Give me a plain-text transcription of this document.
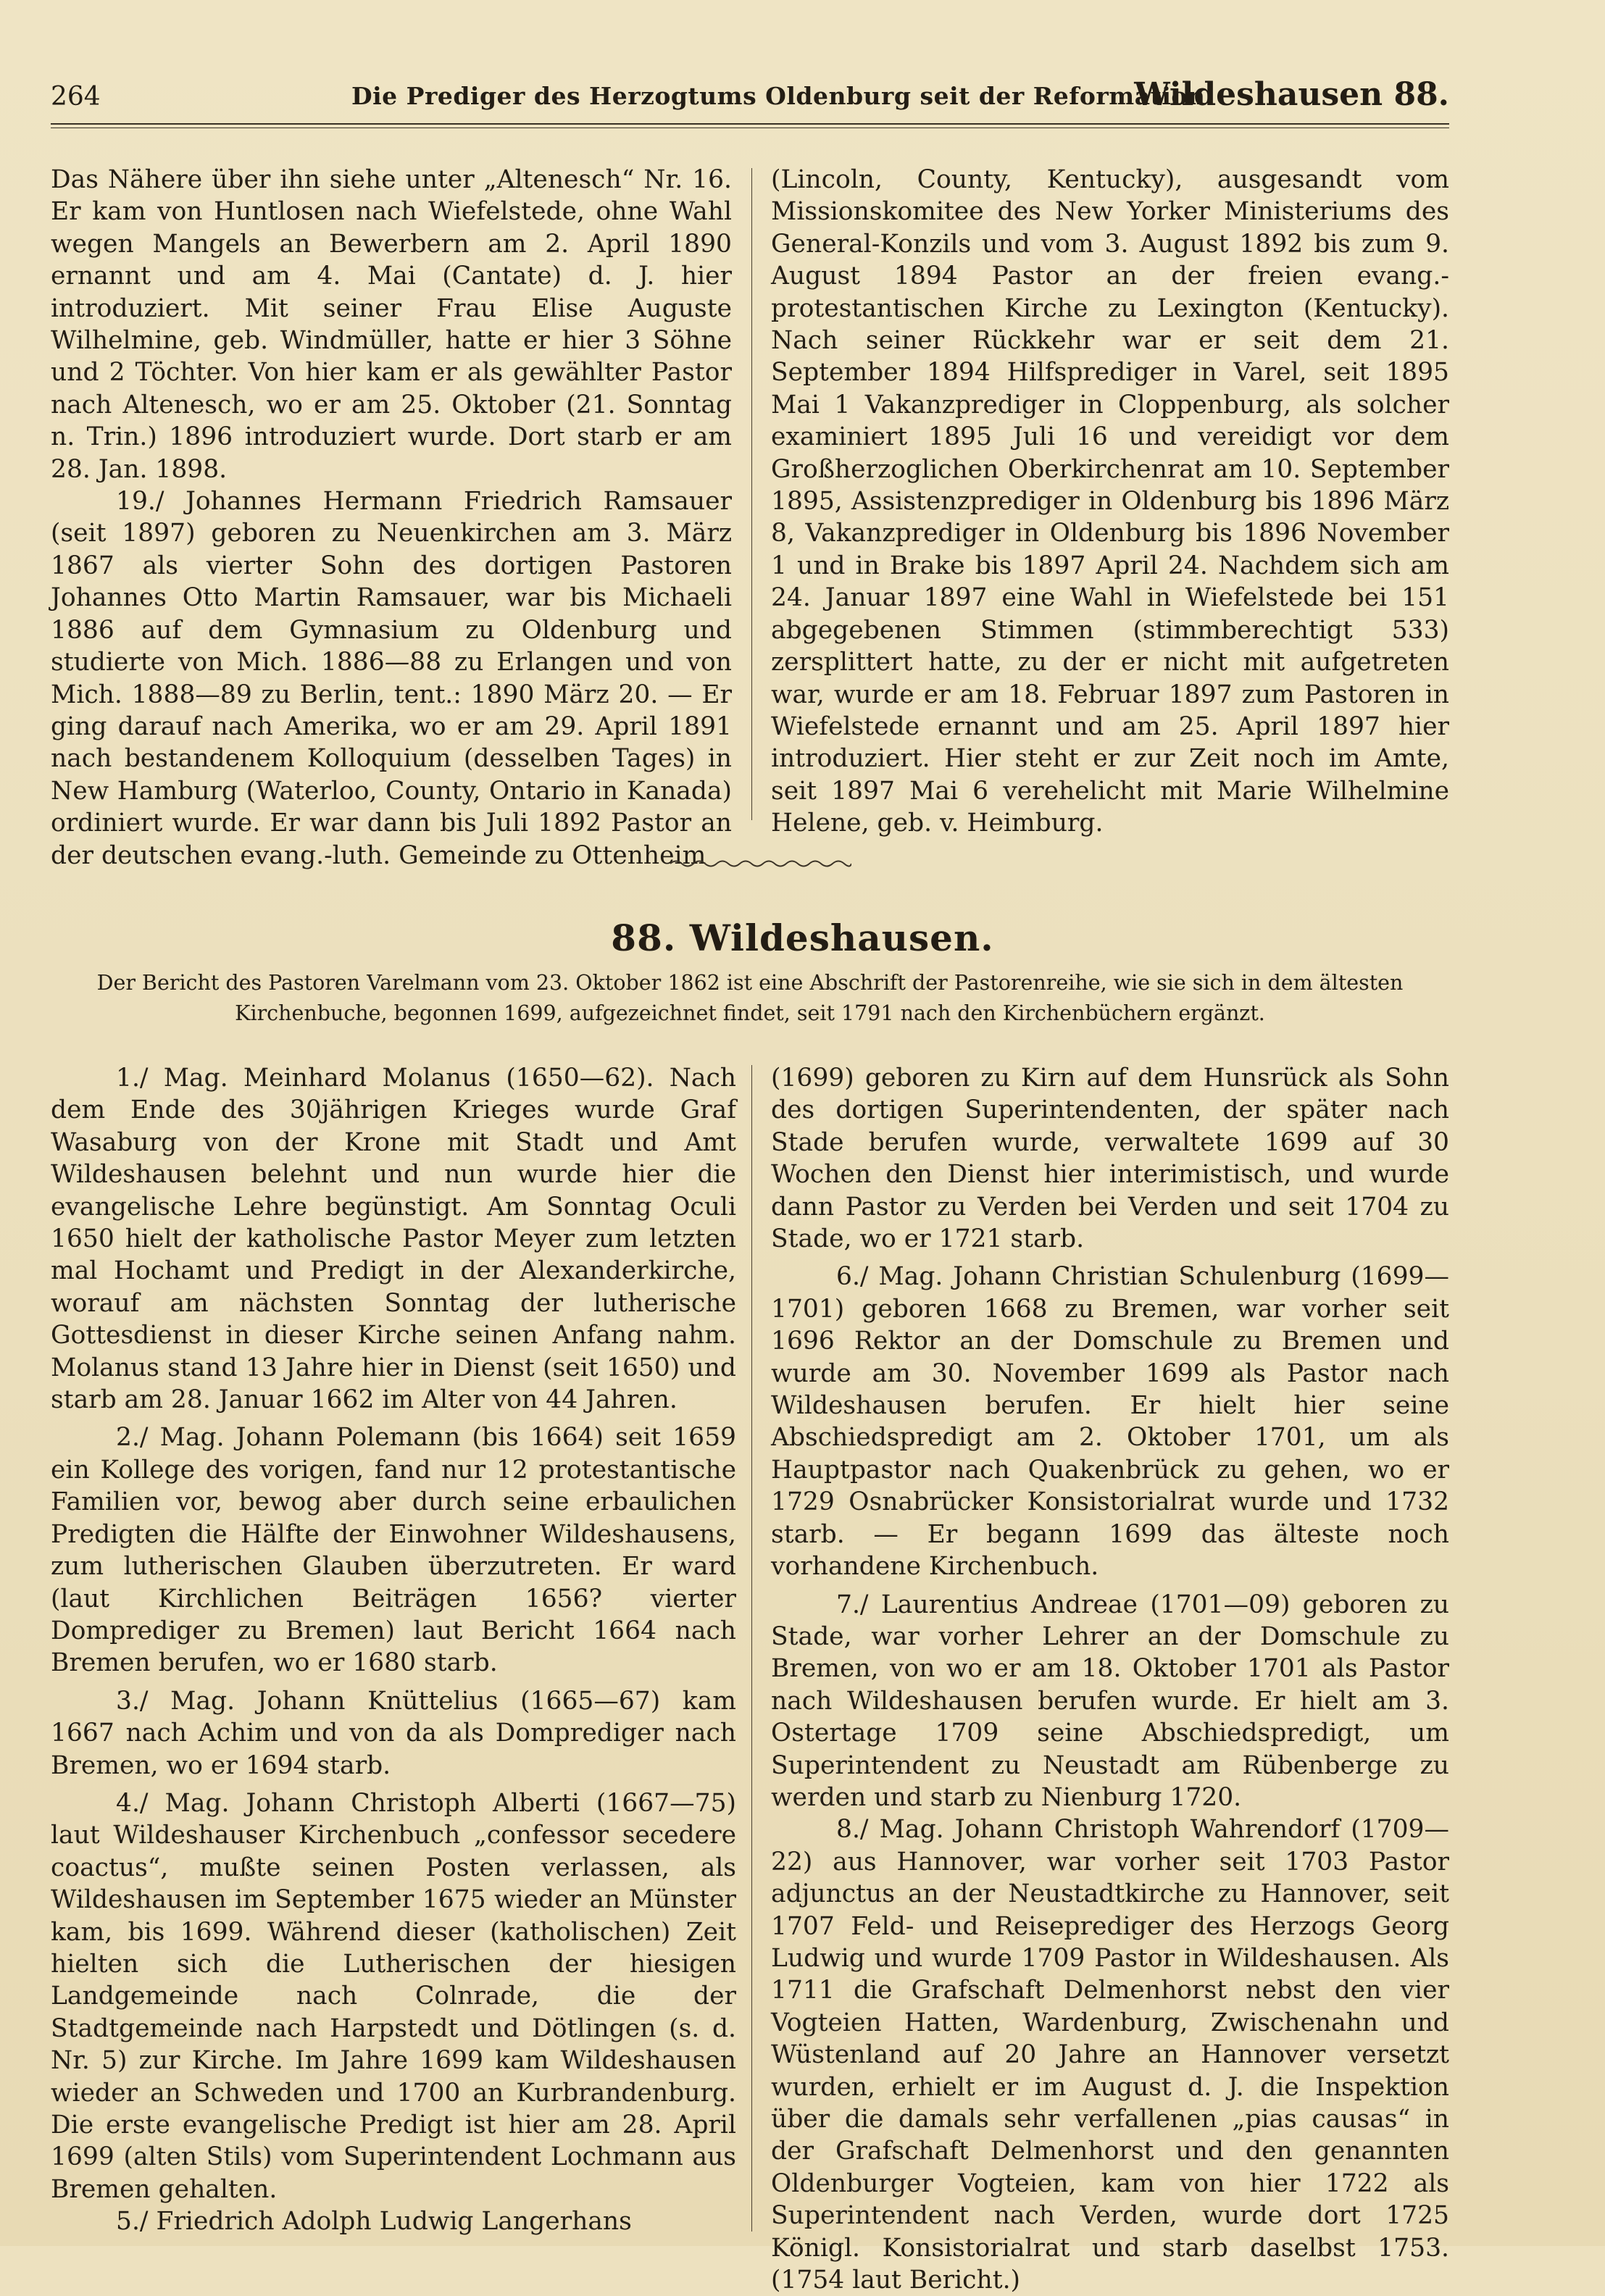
264	Die Prediger des Herzogtums Oldenburg seit der Reformation.
Wildeshausen 88.

Das Nähere über ihn siehe unter „Altenesch“ Nr. 16. Er kam von Huntlosen nach Wiefelstede, ohne Wahl wegen Mangels an Bewerbern am 2. April 1890 ernannt und am 4. Mai (Cantate) d. J. hier introduziert. Mit seiner Frau Elise Auguste Wilhelmine, geb. Windmüller, hatte er hier 3 Söhne und 2 Töchter. Von hier kam er als gewählter Pastor nach Altenesch, wo er am 25. Oktober (21. Sonntag n. Trin.) 1896 introduziert wurde. Dort starb er am 28. Jan. 1898.

19./ Johannes Hermann Friedrich Ramsauer (seit 1897) geboren zu Neuenkirchen am 3. März 1867 als vierter Sohn des dortigen Pastoren Johannes Otto Martin Ramsauer, war bis Michaeli 1886 auf dem Gymnasium zu Oldenburg und studierte von Mich. 1886—88 zu Erlangen und von Mich. 1888—89 zu Berlin, tent.: 1890 März 20. — Er ging darauf nach Amerika, wo er am 29. April 1891 nach bestandenem Kolloquium (desselben Tages) in New Hamburg (Waterloo, County, Ontario in Kanada) ordiniert wurde. Er war dann bis Juli 1892 Pastor an der deutschen evang.-luth. Gemeinde zu Ottenheim

(Lincoln, County, Kentucky), ausgesandt vom Missionskomitee des New Yorker Ministeriums des General-Konzils und vom 3. August 1892 bis zum 9. August 1894 Pastor an der freien evang.-protestantischen Kirche zu Lexington (Kentucky). Nach seiner Rückkehr war er seit dem 21. September 1894 Hilfsprediger in Varel, seit 1895 Mai 1 Vakanzprediger in Cloppenburg, als solcher examiniert 1895 Juli 16 und vereidigt vor dem Großherzoglichen Oberkirchenrat am 10. September 1895, Assistenzprediger in Oldenburg bis 1896 März 8, Vakanzprediger in Oldenburg bis 1896 November 1 und in Brake bis 1897 April 24. Nachdem sich am 24. Januar 1897 eine Wahl in Wiefelstede bei 151 abgegebenen Stimmen (stimmberechtigt 533) zersplittert hatte, zu der er nicht mit aufgetreten war, wurde er am 18. Februar 1897 zum Pastoren in Wiefelstede ernannt und am 25. April 1897 hier introduziert. Hier steht er zur Zeit noch im Amte, seit 1897 Mai 6 verehelicht mit Marie Wilhelmine Helene, geb. v. Heimburg.

88. Wildeshausen.
Der Bericht des Pastoren Varelmann vom 23. Oktober 1862 ist eine Abschrift der Pastorenreihe, wie sie sich in dem ältesten Kirchenbuche, begonnen 1699, aufgezeichnet findet, seit 1791 nach den Kirchenbüchern ergänzt.

1./ Mag. Meinhard Molanus (1650—62). Nach dem Ende des 30jährigen Krieges wurde Graf Wasaburg von der Krone mit Stadt und Amt Wildeshausen belehnt und nun wurde hier die evangelische Lehre begünstigt. Am Sonntag Oculi 1650 hielt der katholische Pastor Meyer zum letzten mal Hochamt und Predigt in der Alexanderkirche, worauf am nächsten Sonntag der lutherische Gottesdienst in dieser Kirche seinen Anfang nahm. Molanus stand 13 Jahre hier in Dienst (seit 1650) und starb am 28. Januar 1662 im Alter von 44 Jahren.

2./ Mag. Johann Polemann (bis 1664) seit 1659 ein Kollege des vorigen, fand nur 12 protestantische Familien vor, bewog aber durch seine erbaulichen Predigten die Hälfte der Einwohner Wildeshausens, zum lutherischen Glauben überzutreten. Er ward (laut Kirchlichen Beiträgen 1656? vierter Domprediger zu Bremen) laut Bericht 1664 nach Bremen berufen, wo er 1680 starb.

3./ Mag. Johann Knüttelius (1665—67) kam 1667 nach Achim und von da als Domprediger nach Bremen, wo er 1694 starb.

4./ Mag. Johann Christoph Alberti (1667—75) laut Wildeshauser Kirchenbuch „confessor secedere coactus“, mußte seinen Posten verlassen, als Wildeshausen im September 1675 wieder an Münster kam, bis 1699. Während dieser (katholischen) Zeit hielten sich die Lutherischen der hiesigen Landgemeinde nach Colnrade, die der Stadtgemeinde nach Harpstedt und Dötlingen (s. d. Nr. 5) zur Kirche. Im Jahre 1699 kam Wildeshausen wieder an Schweden und 1700 an Kurbrandenburg. Die erste evangelische Predigt ist hier am 28. April 1699 (alten Stils) vom Superintendent Lochmann aus Bremen gehalten.

5./ Friedrich Adolph Ludwig Langerhans

(1699) geboren zu Kirn auf dem Hunsrück als Sohn des dortigen Superintendenten, der später nach Stade berufen wurde, verwaltete 1699 auf 30 Wochen den Dienst hier interimistisch, und wurde dann Pastor zu Verden bei Verden und seit 1704 zu Stade, wo er 1721 starb.

6./ Mag. Johann Christian Schulenburg (1699—1701) geboren 1668 zu Bremen, war vorher seit 1696 Rektor an der Domschule zu Bremen und wurde am 30. November 1699 als Pastor nach Wildeshausen berufen. Er hielt hier seine Abschiedspredigt am 2. Oktober 1701, um als Hauptpastor nach Quakenbrück zu gehen, wo er 1729 Osnabrücker Konsistorialrat wurde und 1732 starb. — Er begann 1699 das älteste noch vorhandene Kirchenbuch.

7./ Laurentius Andreae (1701—09) geboren zu Stade, war vorher Lehrer an der Domschule zu Bremen, von wo er am 18. Oktober 1701 als Pastor nach Wildeshausen berufen wurde. Er hielt am 3. Ostertage 1709 seine Abschiedspredigt, um Superintendent zu Neustadt am Rübenberge zu werden und starb zu Nienburg 1720.

8./ Mag. Johann Christoph Wahrendorf (1709—22) aus Hannover, war vorher seit 1703 Pastor adjunctus an der Neustadtkirche zu Hannover, seit 1707 Feld- und Reiseprediger des Herzogs Georg Ludwig und wurde 1709 Pastor in Wildeshausen. Als 1711 die Grafschaft Delmenhorst nebst den vier Vogteien Hatten, Wardenburg, Zwischenahn und Wüstenland auf 20 Jahre an Hannover versetzt wurden, erhielt er im August d. J. die Inspektion über die damals sehr verfallenen „pias causas“ in der Grafschaft Delmenhorst und den genannten Oldenburger Vogteien, kam von hier 1722 als Superintendent nach Verden, wurde dort 1725 Königl. Konsistorialrat und starb daselbst 1753. (1754 laut Bericht.)
